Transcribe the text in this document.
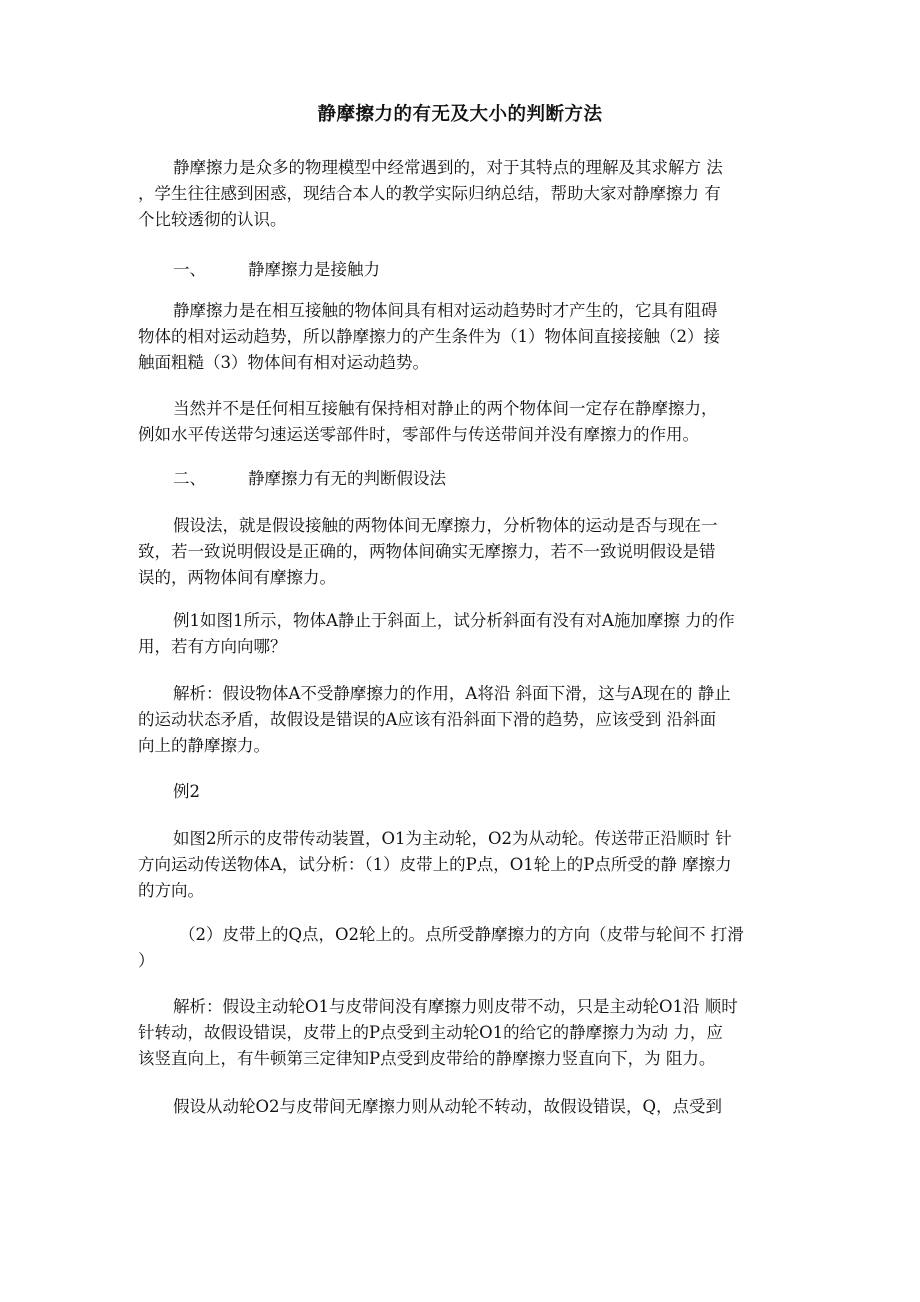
静摩擦力的有无及大小的判断方法
静摩擦力是众多的物理模型中经常遇到的，对于其特点的理解及其求解方 法
，学生往往感到困惑，现结合本人的教学实际归纳总结，帮助大家对静摩擦力 有
个比较透彻的认识。
一、	静摩擦力是接触力
静摩擦力是在相互接触的物体间具有相对运动趋势时才产生的，它具有阻碍
物体的相对运动趋势，所以静摩擦力的产生条件为（1）物体间直接接触（2）接
触面粗糙（3）物体间有相对运动趋势。
当然并不是任何相互接触有保持相对静止的两个物体间一定存在静摩擦力，
例如水平传送带匀速运送零部件时，零部件与传送带间并没有摩擦力的作用。
二、	静摩擦力有无的判断假设法
假设法，就是假设接触的两物体间无摩擦力，分析物体的运动是否与现在一
致，若一致说明假设是正确的，两物体间确实无摩擦力，若不一致说明假设是错
误的，两物体间有摩擦力。
例1如图1所示，物体A静止于斜面上，试分析斜面有没有对A施加摩擦 力的作
用，若有方向向哪？
解析：假设物体A不受静摩擦力的作用，A将沿 斜面下滑，这与A现在的 静止
的运动状态矛盾，故假设是错误的A应该有沿斜面下滑的趋势，应该受到 沿斜面
向上的静摩擦力。
例2
如图2所示的皮带传动装置，O1为主动轮，O2为从动轮。传送带正沿顺时 针
方向运动传送物体A，试分析：（1）皮带上的P点，O1轮上的P点所受的静 摩擦力
的方向。
（2）皮带上的Q点，O2轮上的。点所受静摩擦力的方向（皮带与轮间不 打滑
）
解析：假设主动轮O1与皮带间没有摩擦力则皮带不动，只是主动轮O1沿 顺时
针转动，故假设错误，皮带上的P点受到主动轮O1的给它的静摩擦力为动 力，应
该竖直向上，有牛顿第三定律知P点受到皮带给的静摩擦力竖直向下，为 阻力。
假设从动轮O2与皮带间无摩擦力则从动轮不转动，故假设错误，Q，点受到
